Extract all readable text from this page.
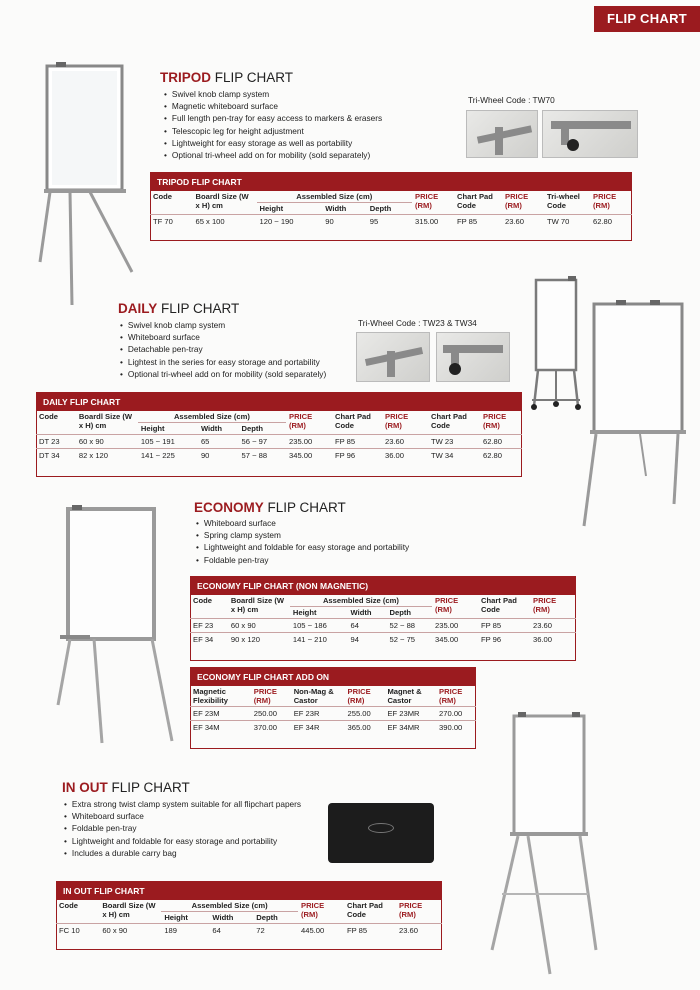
FLIP CHART
TRIPOD FLIP CHART
• Swivel knob clamp system
• Magnetic whiteboard surface
• Full length pen-tray for easy access to markers & erasers
• Telescopic leg for height adjustment
• Lightweight for easy storage as well as portability
• Optional tri-wheel add on for mobility (sold separately)
Tri-Wheel Code : TW70
TRIPOD FLIP CHART									
Code	Boardl Size (W x H) cm	Assembled Size (cm)			PRICE (RM)	Chart Pad Code	PRICE (RM)	Tri-wheel Code	PRICE (RM)
		Height	Width	Depth					
TF 70	65 x 100	120 ~ 190	90	95	315.00	FP 85	23.60	TW 70	62.80
DAILY FLIP CHART
• Swivel knob clamp system
• Whiteboard surface
• Detachable pen-tray
• Lightest in the series for easy storage and portability
• Optional tri-wheel add on for mobility (sold separately)
Tri-Wheel Code : TW23 & TW34
DAILY FLIP CHART									
Code	Boardl Size (W x H) cm	Assembled Size (cm)			PRICE (RM)	Chart Pad Code	PRICE (RM)	Chart Pad Code	PRICE (RM)
		Height	Width	Depth					
DT 23	60 x 90	105 ~ 191	65	56 ~ 97	235.00	FP 85	23.60	TW 23	62.80
DT 34	82 x 120	141 ~ 225	90	57 ~ 88	345.00	FP 96	36.00	TW 34	62.80
ECONOMY FLIP CHART
• Whiteboard surface
• Spring clamp system
• Lightweight and foldable for easy storage and portability
• Foldable pen-tray
ECONOMY FLIP CHART (NON MAGNETIC)							
Code	Boardl Size (W x H) cm	Assembled Size (cm)			PRICE (RM)	Chart Pad Code	PRICE (RM)
		Height	Width	Depth			
EF 23	60 x 90	105 ~ 186	64	52 ~ 88	235.00	FP 85	23.60
EF 34	90 x 120	141 ~ 210	94	52 ~ 75	345.00	FP 96	36.00
ECONOMY FLIP CHART ADD ON					
Magnetic Flexibility	PRICE (RM)	Non-Mag & Castor	PRICE (RM)	Magnet & Castor	PRICE (RM)
EF 23M	250.00	EF 23R	255.00	EF 23MR	270.00
EF 34M	370.00	EF 34R	365.00	EF 34MR	390.00
IN OUT FLIP CHART
• Extra strong twist clamp system suitable for all flipchart papers
• Whiteboard surface
• Foldable pen-tray
• Lightweight and foldable for easy storage and portability
• Includes a durable carry bag
IN OUT FLIP CHART							
Code	Boardl Size (W x H) cm	Assembled Size (cm)			PRICE (RM)	Chart Pad Code	PRICE (RM)
		Height	Width	Depth			
FC 10	60 x 90	189	64	72	445.00	FP 85	23.60
